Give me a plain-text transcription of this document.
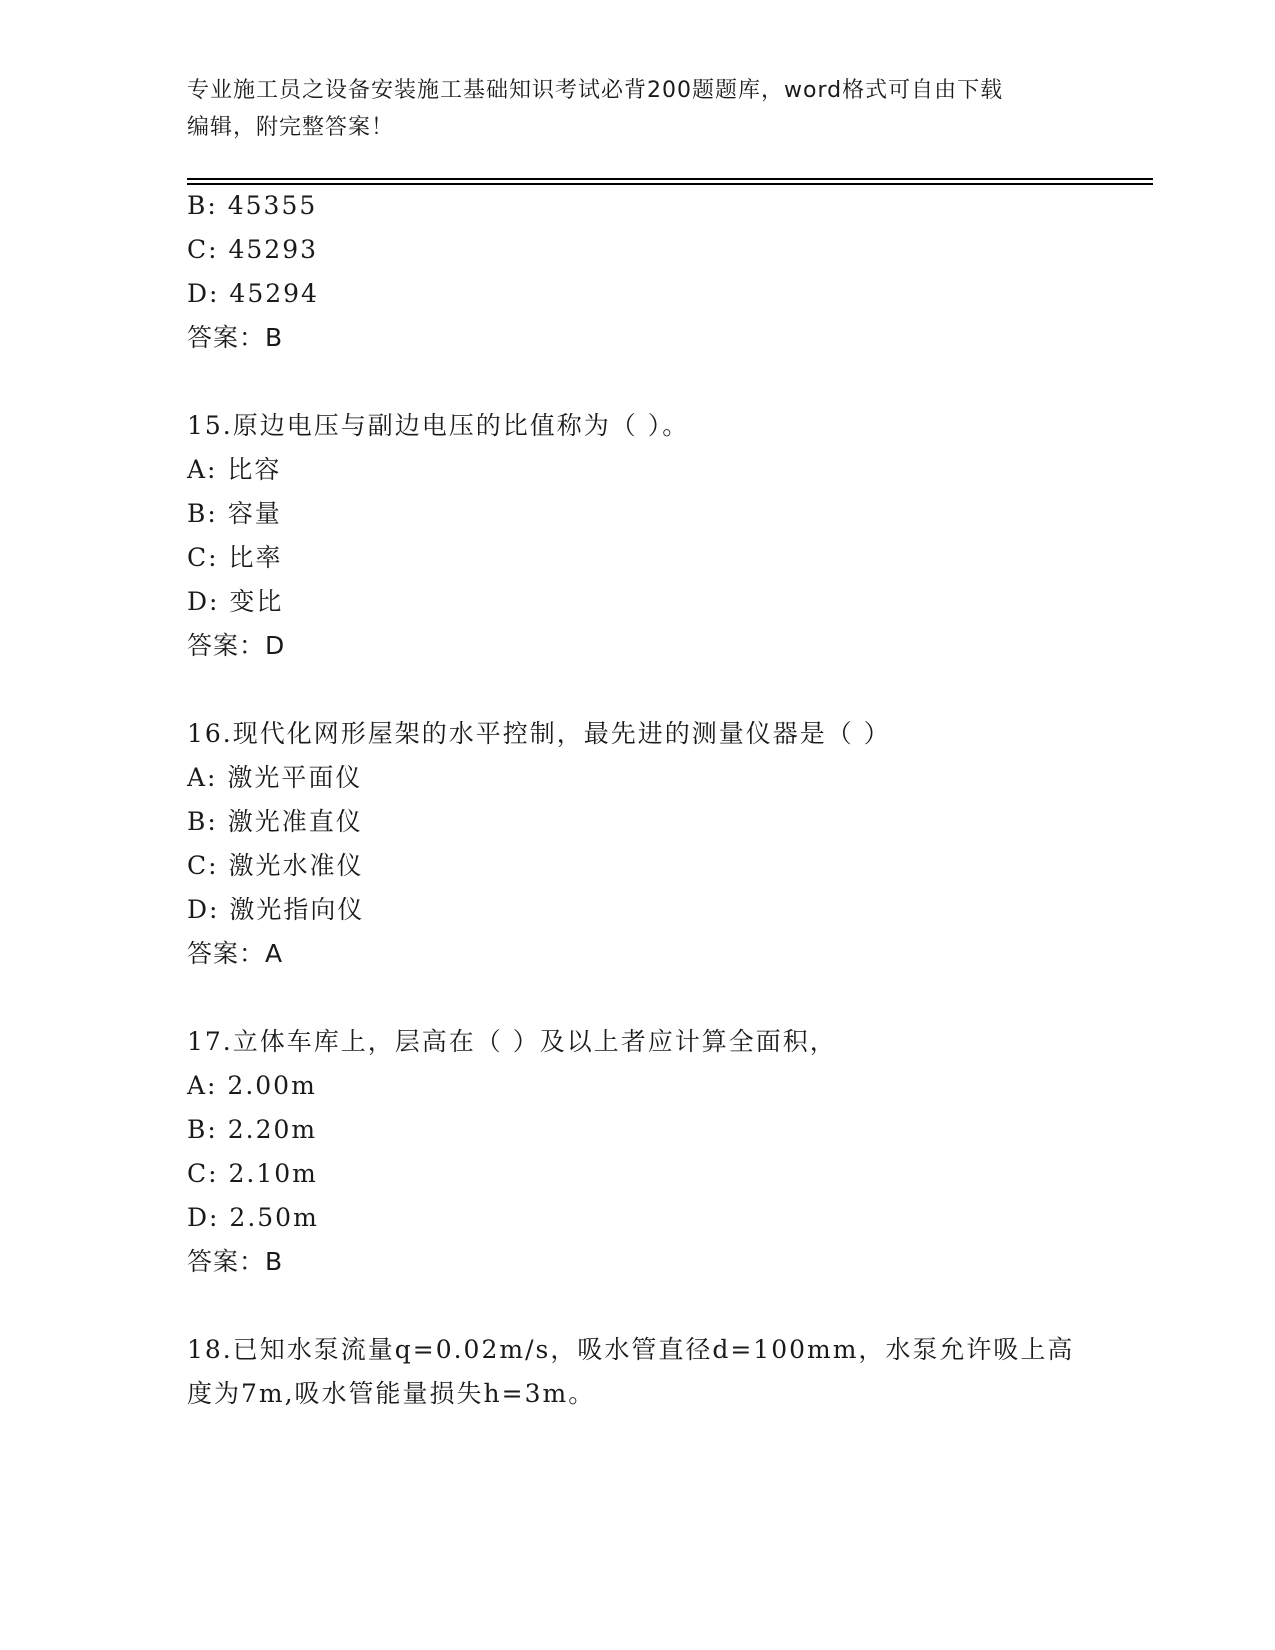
专业施工员之设备安装施工基础知识考试必背200题题库，word格式可自由下载
编辑，附完整答案！
B: 45355
C: 45293
D: 45294
答案：B
15.原边电压与副边电压的比值称为（ ）。
A: 比容
B: 容量
C: 比率
D: 变比
答案：D
16.现代化网形屋架的水平控制，最先进的测量仪器是（ ）
A: 激光平面仪
B: 激光准直仪
C: 激光水准仪
D: 激光指向仪
答案：A
17.立体车库上，层高在（ ）及以上者应计算全面积，
A: 2.00m
B: 2.20m
C: 2.10m
D: 2.50m
答案：B
18.已知水泵流量q=0.02m/s，吸水管直径d=100mm，水泵允许吸上高
度为7m,吸水管能量损失h=3m。
